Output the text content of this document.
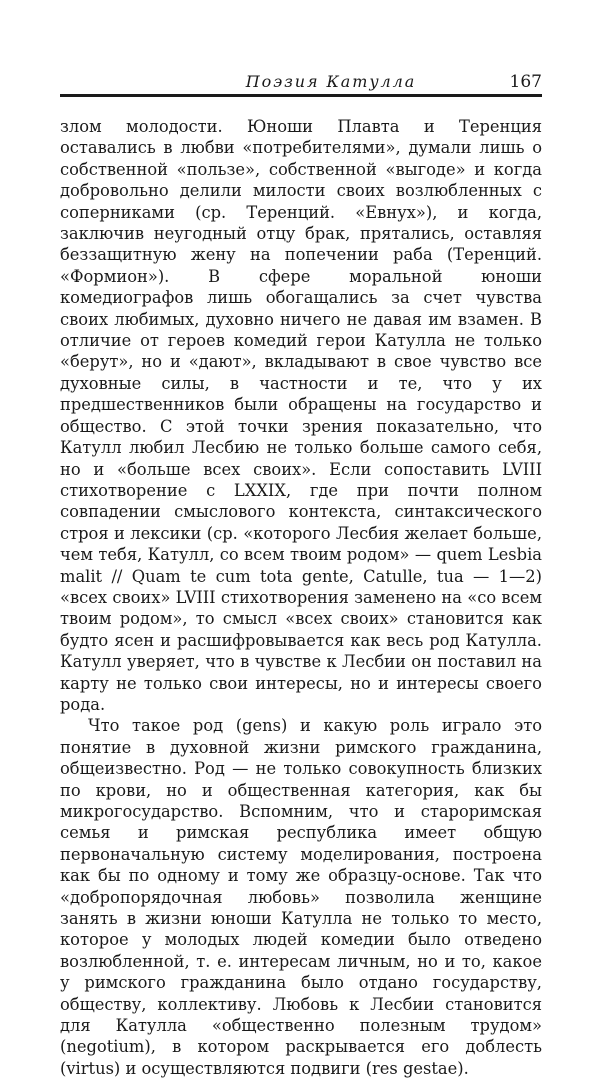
Поэзия Катулла	167

злом молодости. Юноши Плавта и Теренция оставались в любви «потребителями», думали лишь о собственной «пользе», собственной «выгоде» и когда добровольно делили милости своих возлюбленных с соперниками (ср. Теренций. «Евнух»), и когда, заключив неугодный отцу брак, прятались, оставляя беззащитную жену на попечении раба (Теренций. «Формион»). В сфере моральной юноши комедиографов лишь обогащались за счет чувства своих любимых, духовно ничего не давая им взамен. В отличие от героев комедий герои Катулла не только «берут», но и «дают», вкладывают в свое чувство все духовные силы, в частности и те, что у их предшественников были обращены на государство и общество. С этой точки зрения показательно, что Катулл любил Лесбию не только больше самого себя, но и «больше всех своих». Если сопоставить LVIII стихотворение с LXXIX, где при почти полном совпадении смыслового контекста, синтаксического строя и лексики (ср. «которого Лесбия желает больше, чем тебя, Катулл, со всем твоим родом» — quem Lesbia malit // Quam te cum tota gente, Catulle, tua — 1—2) «всех своих» LVIII стихотворения заменено на «со всем твоим родом», то смысл «всех своих» становится как будто ясен и расшифровывается как весь род Катулла. Катулл уверяет, что в чувстве к Лесбии он поставил на карту не только свои интересы, но и интересы своего рода.

Что такое род (gens) и какую роль играло это понятие в духовной жизни римского гражданина, общеизвестно. Род — не только совокупность близких по крови, но и общественная категория, как бы микрогосударство. Вспомним, что и староримская семья и римская республика имеет общую первоначальную систему моделирования, построена как бы по одному и тому же образцу-основе. Так что «добропорядочная любовь» позволила женщине занять в жизни юноши Катулла не только то место, которое у молодых людей комедии было отведено возлюбленной, т. е. интересам личным, но и то, какое у римского гражданина было отдано государству, обществу, коллективу. Любовь к Лесбии становится для Катулла «общественно полезным трудом» (negotium), в котором раскрывается его доблесть (virtus) и осуществляются подвиги (res gestae).
